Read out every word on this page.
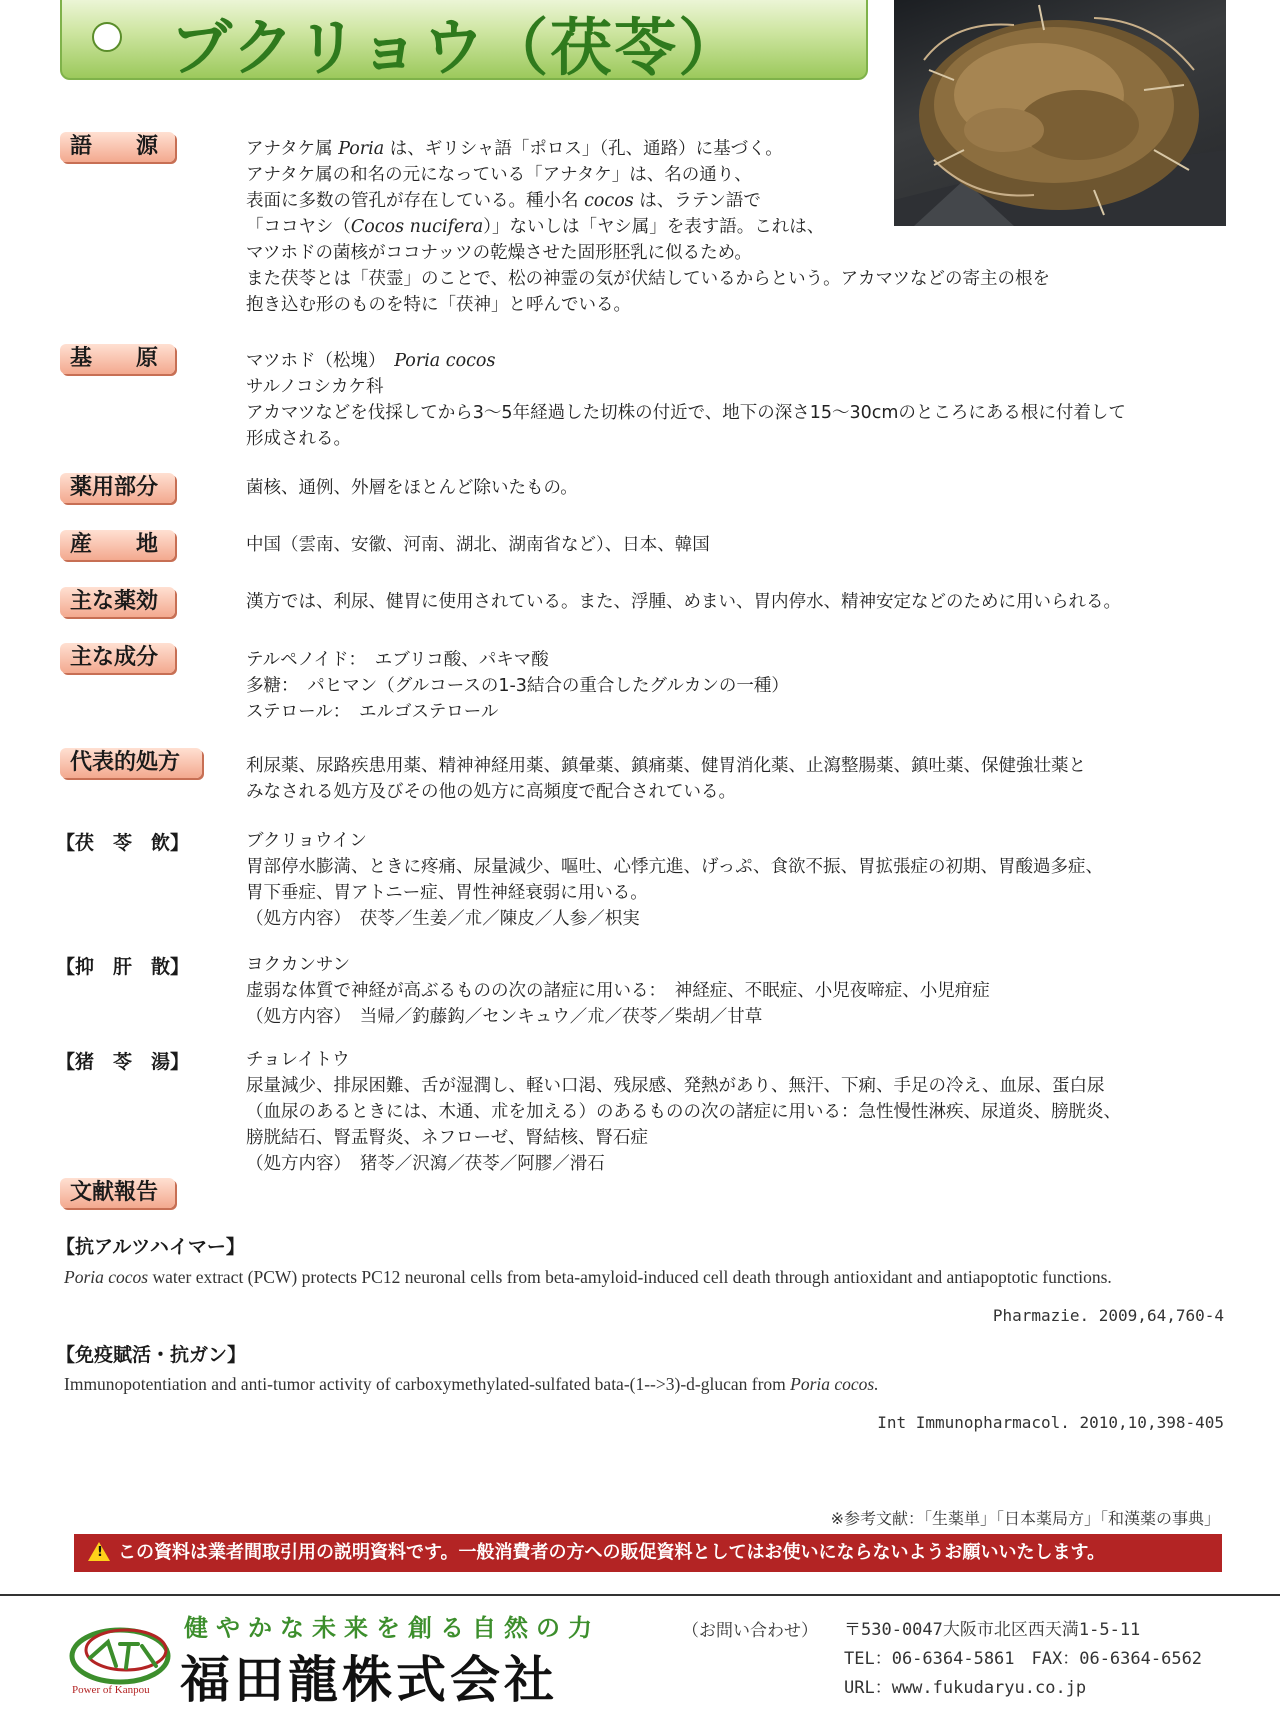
ブクリョウ（茯苓）
語　　源	アナタケ属 Poria は、ギリシャ語「ポロス」（孔、通路）に基づく。
アナタケ属の和名の元になっている「アナタケ」は、名の通り、
表面に多数の管孔が存在している。種小名 cocos は、ラテン語で
「ココヤシ（Cocos nucifera）」ないしは「ヤシ属」を表す語。これは、
マツホドの菌核がココナッツの乾燥させた固形胚乳に似るため。
また茯苓とは「茯霊」のことで、松の神霊の気が伏結しているからという。アカマツなどの寄主の根を
抱き込む形のものを特に「茯神」と呼んでいる。
基　　原	マツホド（松塊）　Poria cocos
サルノコシカケ科
アカマツなどを伐採してから3～5年経過した切株の付近で、地下の深さ15～30cmのところにある根に付着して
形成される。
薬用部分	菌核、通例、外層をほとんど除いたもの。
産　　地	中国（雲南、安徽、河南、湖北、湖南省など）、日本、韓国
主な薬効	漢方では、利尿、健胃に使用されている。また、浮腫、めまい、胃内停水、精神安定などのために用いられる。
主な成分	テルペノイド：　エブリコ酸、パキマ酸
多糖：　パヒマン（グルコースの1-3結合の重合したグルカンの一種）
ステロール：　エルゴステロール
代表的処方	利尿薬、尿路疾患用薬、精神神経用薬、鎮暈薬、鎮痛薬、健胃消化薬、止瀉整腸薬、鎮吐薬、保健強壮薬と
みなされる処方及びその他の処方に高頻度で配合されている。
【茯　苓　飲】	ブクリョウイン
胃部停水膨満、ときに疼痛、尿量減少、嘔吐、心悸亢進、げっぷ、食欲不振、胃拡張症の初期、胃酸過多症、
胃下垂症、胃アトニー症、胃性神経衰弱に用いる。
（処方内容）　茯苓／生姜／朮／陳皮／人参／枳実
【抑　肝　散】	ヨクカンサン
虚弱な体質で神経が高ぶるものの次の諸症に用いる：　神経症、不眠症、小児夜啼症、小児疳症
（処方内容）　当帰／釣藤鈎／センキュウ／朮／茯苓／柴胡／甘草
【猪　苓　湯】	チョレイトウ
尿量減少、排尿困難、舌が湿潤し、軽い口渇、残尿感、発熱があり、無汗、下痢、手足の冷え、血尿、蛋白尿
（血尿のあるときには、木通、朮を加える）のあるものの次の諸症に用いる：急性慢性淋疾、尿道炎、膀胱炎、
膀胱結石、腎盂腎炎、ネフローゼ、腎結核、腎石症
（処方内容）　猪苓／沢瀉／茯苓／阿膠／滑石
文献報告
【抗アルツハイマー】
Poria cocos water extract (PCW) protects PC12 neuronal cells from beta-amyloid-induced cell death through antioxidant and antiapoptotic functions.
Pharmazie. 2009,64,760-4
【免疫賦活・抗ガン】
Immunopotentiation and anti-tumor activity of carboxymethylated-sulfated bata-(1-->3)-d-glucan from Poria cocos.
Int Immunopharmacol. 2010,10,398-405
※参考文献：「生薬単」「日本薬局方」「和漢薬の事典」
! この資料は業者間取引用の説明資料です。一般消費者の方への販促資料としてはお使いにならないようお願いいたします。
Power of Kanpou
健やかな未来を創る自然の力
福田龍株式会社
（お問い合わせ） 〒530-0047大阪市北区西天満1-5-11
TEL：06-6364-5861　FAX：06-6364-6562
URL：www.fukudaryu.co.jp
